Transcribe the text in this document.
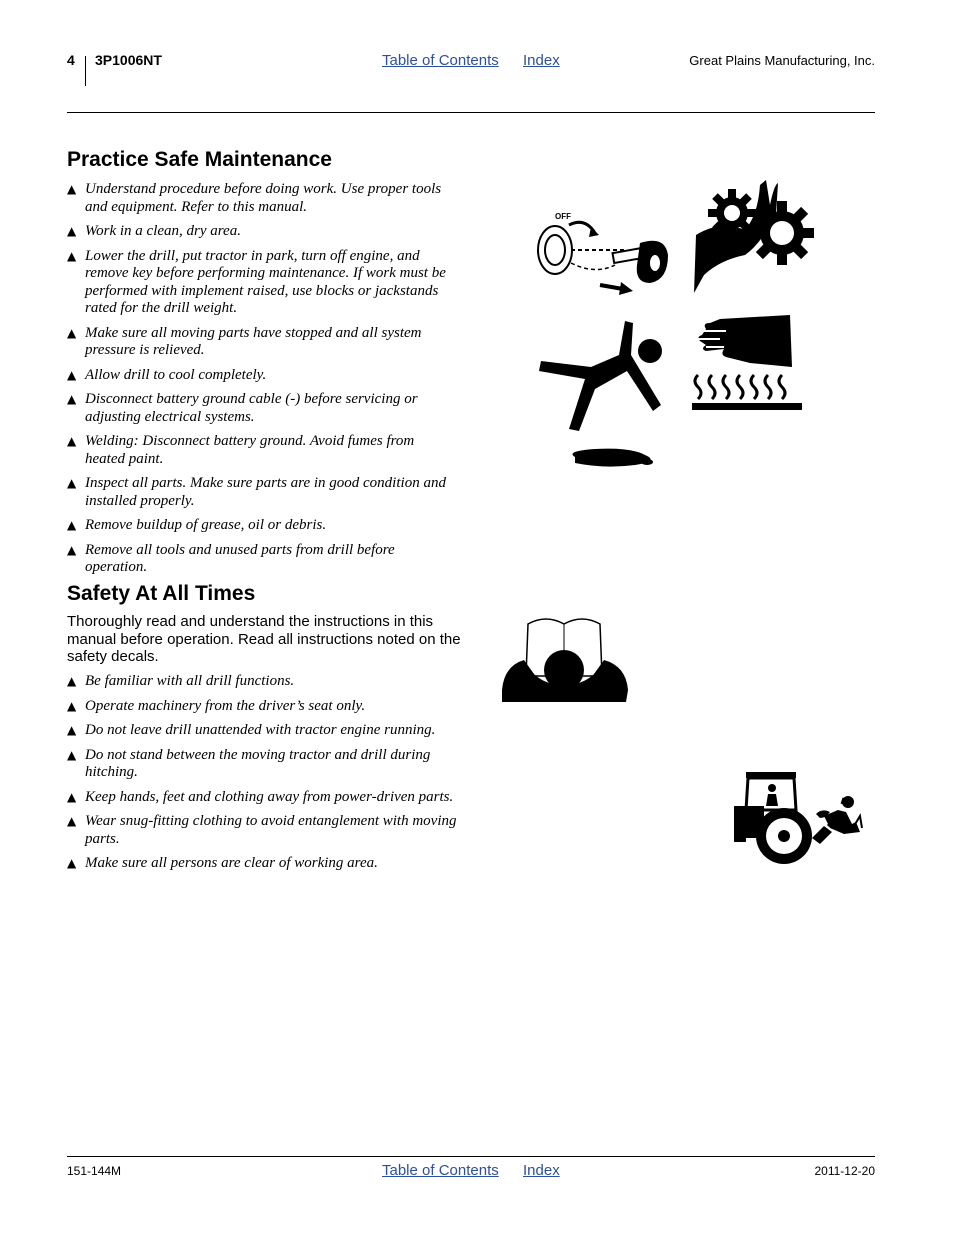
4 3P1006NT	Table of Contents Index	Great Plains Manufacturing, Inc.
Practice Safe Maintenance
▲ Understand procedure before doing work. Use proper tools and equipment. Refer to this manual.
▲ Work in a clean, dry area.
▲ Lower the drill, put tractor in park, turn off engine, and remove key before performing maintenance. If work must be performed with implement raised, use blocks or jackstands rated for the drill weight.
▲ Make sure all moving parts have stopped and all system pressure is relieved.
▲ Allow drill to cool completely.
▲ Disconnect battery ground cable (-) before servicing or adjusting electrical systems.
▲ Welding: Disconnect battery ground. Avoid fumes from heated paint.
▲ Inspect all parts. Make sure parts are in good condition and installed properly.
▲ Remove buildup of grease, oil or debris.
▲ Remove all tools and unused parts from drill before operation.
Safety At All Times
Thoroughly read and understand the instructions in this manual before operation. Read all instructions noted on the safety decals.
▲ Be familiar with all drill functions.
▲ Operate machinery from the driver’s seat only.
▲ Do not leave drill unattended with tractor engine running.
▲ Do not stand between the moving tractor and drill during hitching.
▲ Keep hands, feet and clothing away from power-driven parts.
▲ Wear snug-fitting clothing to avoid entanglement with moving parts.
▲ Make sure all persons are clear of working area.
OFF
151-144M	Table of Contents Index	2011-12-20
